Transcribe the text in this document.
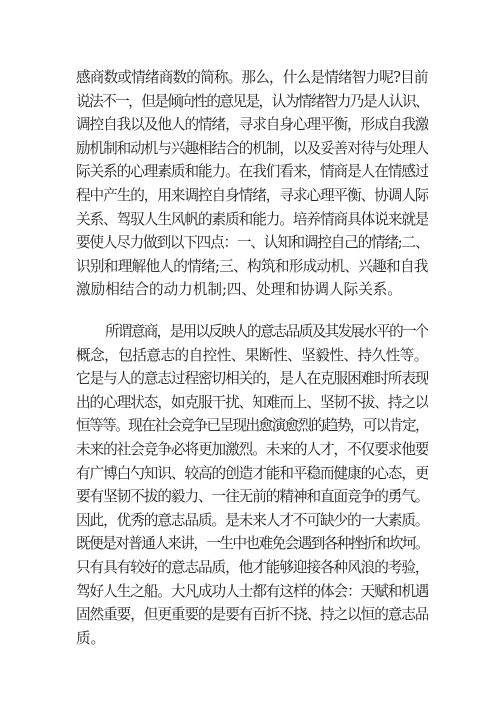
感商数或情绪商数的简称。那么，什么是情绪智力呢?目前
说法不一，但是倾向性的意见是，认为情绪智力乃是人认识、
调控自我以及他人的情绪，寻求自身心理平衡，形成自我激
励机制和动机与兴趣相结合的机制，以及妥善对待与处理人
际关系的心理素质和能力。在我们看来，情商是人在情感过
程中产生的，用来调控自身情绪，寻求心理平衡、协调人际
关系、驾驭人生风帆的素质和能力。培养情商具体说来就是
要使人尽力做到以下四点：一、认知和调控自己的情绪;二、
识别和理解他人的情绪;三、构筑和形成动机、兴趣和自我
激励相结合的动力机制;四、处理和协调人际关系。
所谓意商，是用以反映人的意志品质及其发展水平的一个
概念，包括意志的自控性、果断性、坚毅性、持久性等。
它是与人的意志过程密切相关的，是人在克服困难时所表现
出的心理状态，如克服干扰、知难而上、坚韧不拔、持之以
恒等等。现在社会竞争已呈现出愈演愈烈的趋势，可以肯定，
未来的社会竞争必将更加激烈。未来的人才，不仅要求他要
有广博白勺知识、较高的创造才能和平稳而健康的心态，更
要有坚韧不拔的毅力、一往无前的精神和直面竞争的勇气。
因此，优秀的意志品质。是未来人才不可缺少的一大素质。
既便是对普通人来讲，一生中也难免会遇到各种挫折和坎坷。
只有具有较好的意志品质，他才能够迎接各种风浪的考验，
驾好人生之船。大凡成功人士都有这样的体会：天赋和机遇
固然重要，但更重要的是要有百折不挠、持之以恒的意志品
质。
